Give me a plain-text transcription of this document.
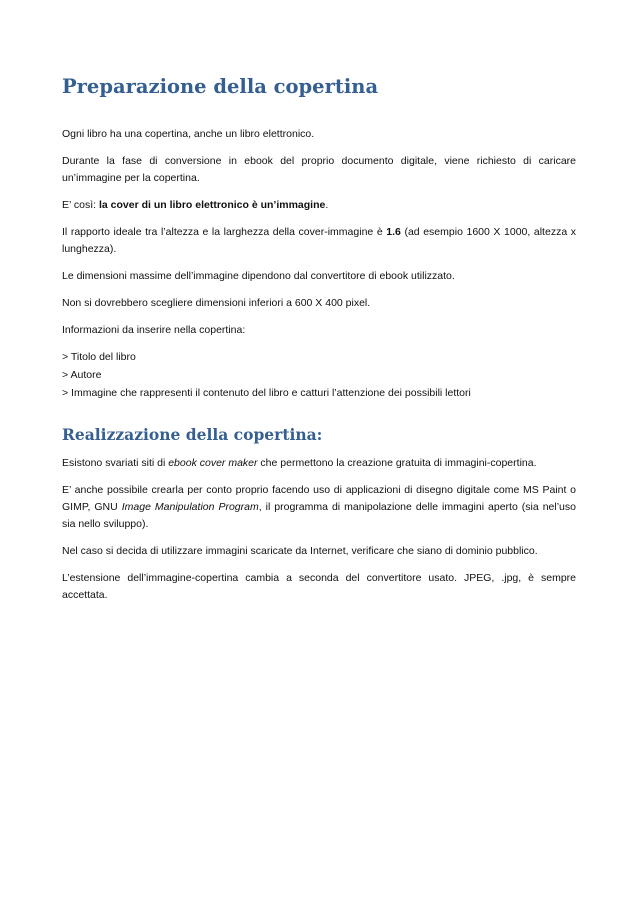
Preparazione della copertina

Ogni libro ha una copertina, anche un libro elettronico.

Durante la fase di conversione in ebook del proprio documento digitale, viene richiesto di caricare un’immagine per la copertina.

E’ così: la cover di un libro elettronico è un’immagine.

Il rapporto ideale tra l’altezza e la larghezza della cover-immagine è 1.6 (ad esempio 1600 X 1000, altezza x lunghezza).

Le dimensioni massime dell’immagine dipendono dal convertitore di ebook utilizzato.

Non si dovrebbero scegliere dimensioni inferiori a 600 X 400 pixel.

Informazioni da inserire nella copertina:

> Titolo del libro

> Autore

> Immagine che rappresenti il contenuto del libro e catturi l’attenzione dei possibili lettori

Realizzazione della copertina:

Esistono svariati siti di ebook cover maker che permettono la creazione gratuita di immagini-copertina.

E’ anche possibile crearla per conto proprio facendo uso di applicazioni di disegno digitale come MS Paint o GIMP, GNU Image Manipulation Program, il programma di manipolazione delle immagini aperto (sia nel’uso sia nello sviluppo).

Nel caso si decida di utilizzare immagini scaricate da Internet, verificare che siano di dominio pubblico.

L’estensione dell’immagine-copertina cambia a seconda del convertitore usato. JPEG, .jpg, è sempre accettata.
